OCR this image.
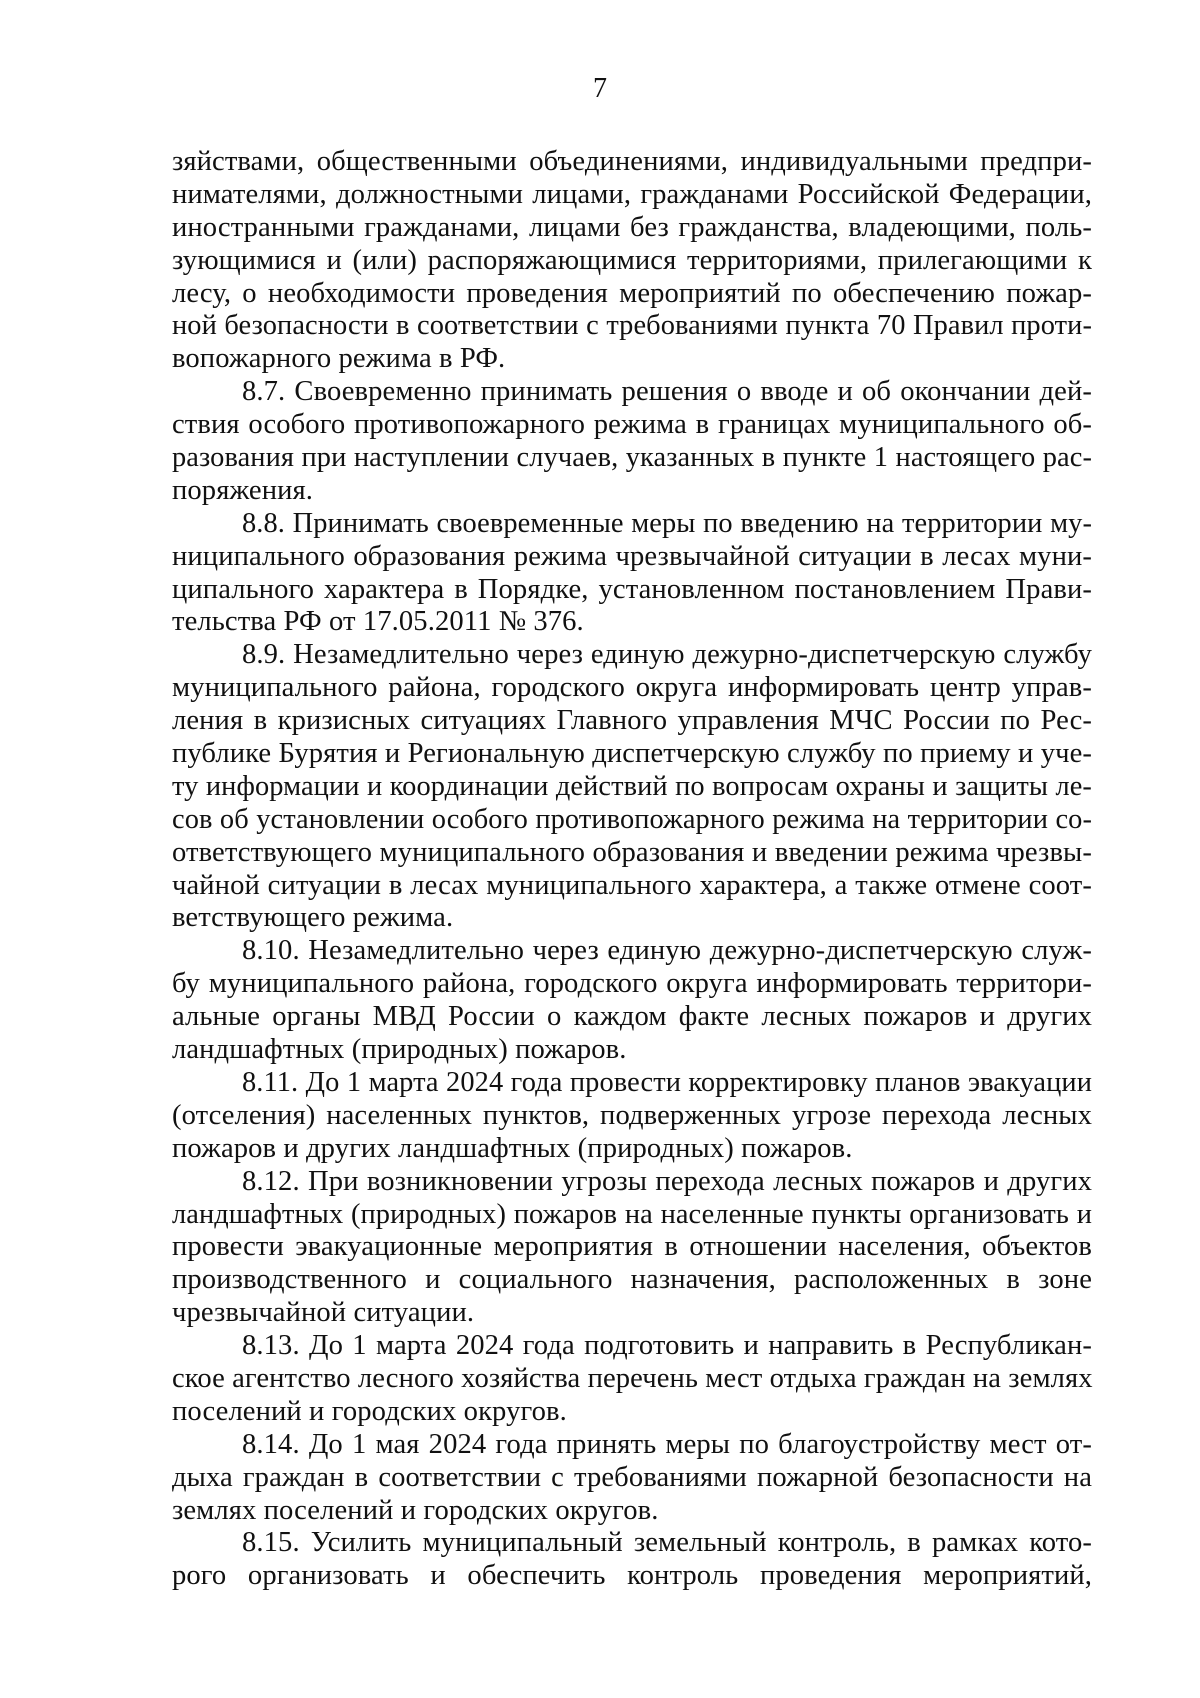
7
зяйствами, общественными объединениями, индивидуальными предпри-
нимателями, должностными лицами, гражданами Российской Федерации,
иностранными гражданами, лицами без гражданства, владеющими, поль-
зующимися и (или) распоряжающимися территориями, прилегающими к
лесу, о необходимости проведения мероприятий по обеспечению пожар-
ной безопасности в соответствии с требованиями пункта 70 Правил проти-
вопожарного режима в РФ.
8.7. Своевременно принимать решения о вводе и об окончании дей-
ствия особого противопожарного режима в границах муниципального об-
разования при наступлении случаев, указанных в пункте 1 настоящего рас-
поряжения.
8.8. Принимать своевременные меры по введению на территории му-
ниципального образования режима чрезвычайной ситуации в лесах муни-
ципального характера в Порядке, установленном постановлением Прави-
тельства РФ от 17.05.2011 № 376.
8.9. Незамедлительно через единую дежурно-диспетчерскую службу
муниципального района, городского округа информировать центр управ-
ления в кризисных ситуациях Главного управления МЧС России по Рес-
публике Бурятия и Региональную диспетчерскую службу по приему и уче-
ту информации и координации действий по вопросам охраны и защиты ле-
сов об установлении особого противопожарного режима на территории со-
ответствующего муниципального образования и введении режима чрезвы-
чайной ситуации в лесах муниципального характера, а также отмене соот-
ветствующего режима.
8.10. Незамедлительно через единую дежурно-диспетчерскую служ-
бу муниципального района, городского округа информировать территори-
альные органы МВД России о каждом факте лесных пожаров и других
ландшафтных (природных) пожаров.
8.11. До 1 марта 2024 года провести корректировку планов эвакуации
(отселения) населенных пунктов, подверженных угрозе перехода лесных
пожаров и других ландшафтных (природных) пожаров.
8.12. При возникновении угрозы перехода лесных пожаров и других
ландшафтных (природных) пожаров на населенные пункты организовать и
провести эвакуационные мероприятия в отношении населения, объектов
производственного и социального назначения, расположенных в зоне
чрезвычайной ситуации.
8.13. До 1 марта 2024 года подготовить и направить в Республикан-
ское агентство лесного хозяйства перечень мест отдыха граждан на землях
поселений и городских округов.
8.14. До 1 мая 2024 года принять меры по благоустройству мест от-
дыха граждан в соответствии с требованиями пожарной безопасности на
землях поселений и городских округов.
8.15. Усилить муниципальный земельный контроль, в рамках кото-
рого организовать и обеспечить контроль проведения мероприятий,
